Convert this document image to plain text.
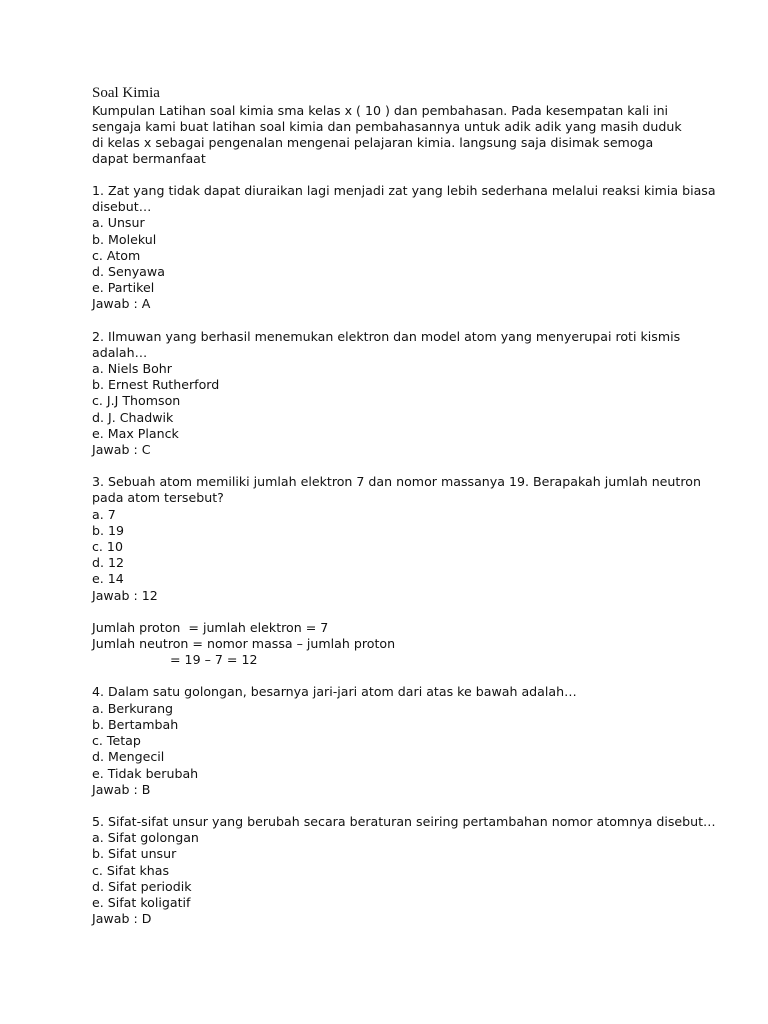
Soal Kimia

Kumpulan Latihan soal kimia sma kelas x ( 10 ) dan pembahasan. Pada kesempatan kali ini sengaja kami buat latihan soal kimia dan pembahasannya untuk adik adik yang masih duduk di kelas x sebagai pengenalan mengenai pelajaran kimia. langsung saja disimak semoga dapat bermanfaat

1. Zat yang tidak dapat diuraikan lagi menjadi zat yang lebih sederhana melalui reaksi kimia biasa
disebut…
a. Unsur
b. Molekul
c. Atom
d. Senyawa
e. Partikel
Jawab : A
2. Ilmuwan yang berhasil menemukan elektron dan model atom yang menyerupai roti kismis
adalah…
a. Niels Bohr
b. Ernest Rutherford
c. J.J Thomson
d. J. Chadwik
e. Max Planck
Jawab : C
3. Sebuah atom memiliki jumlah elektron 7 dan nomor massanya 19. Berapakah jumlah neutron
pada atom tersebut?
a. 7
b. 19
c. 10
d. 12
e. 14
Jawab : 12
Jumlah proton  = jumlah elektron = 7
Jumlah neutron = nomor massa – jumlah proton
= 19 – 7 = 12
4. Dalam satu golongan, besarnya jari-jari atom dari atas ke bawah adalah…
a. Berkurang
b. Bertambah
c. Tetap
d. Mengecil
e. Tidak berubah
Jawab : B
5. Sifat-sifat unsur yang berubah secara beraturan seiring pertambahan nomor atomnya disebut…
a. Sifat golongan
b. Sifat unsur
c. Sifat khas
d. Sifat periodik
e. Sifat koligatif
Jawab : D
